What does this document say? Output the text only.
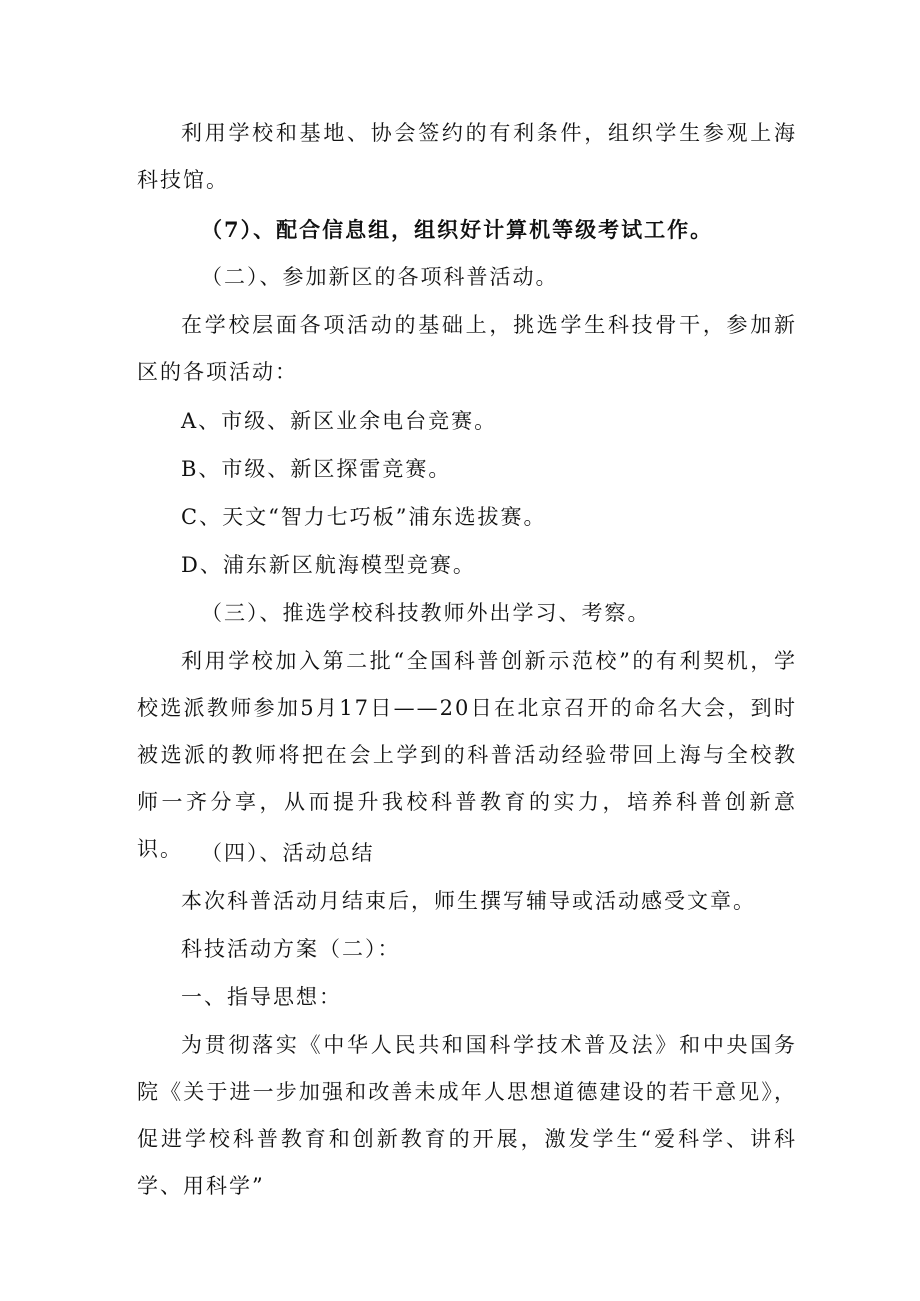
利用学校和基地、协会签约的有利条件，组织学生参观上海科技馆。

（7）、配合信息组，组织好计算机等级考试工作。

（二）、参加新区的各项科普活动。

在学校层面各项活动的基础上，挑选学生科技骨干，参加新区的各项活动：

A、市级、新区业余电台竞赛。

B、市级、新区探雷竞赛。

C、天文“智力七巧板”浦东选拔赛。

D、浦东新区航海模型竞赛。

（三）、推选学校科技教师外出学习、考察。

利用学校加入第二批“全国科普创新示范校”的有利契机，学校选派教师参加5月17日——20日在北京召开的命名大会，到时被选派的教师将把在会上学到的科普活动经验带回上海与全校教师一齐分享，从而提升我校科普教育的实力，培养科普创新意识。 （四）、活动总结

本次科普活动月结束后，师生撰写辅导或活动感受文章。

科技活动方案（二）：

一、指导思想：

为贯彻落实《中华人民共和国科学技术普及法》和中央国务院《关于进一步加强和改善未成年人思想道德建设的若干意见》，促进学校科普教育和创新教育的开展，激发学生“爱科学、讲科学、用科学”
